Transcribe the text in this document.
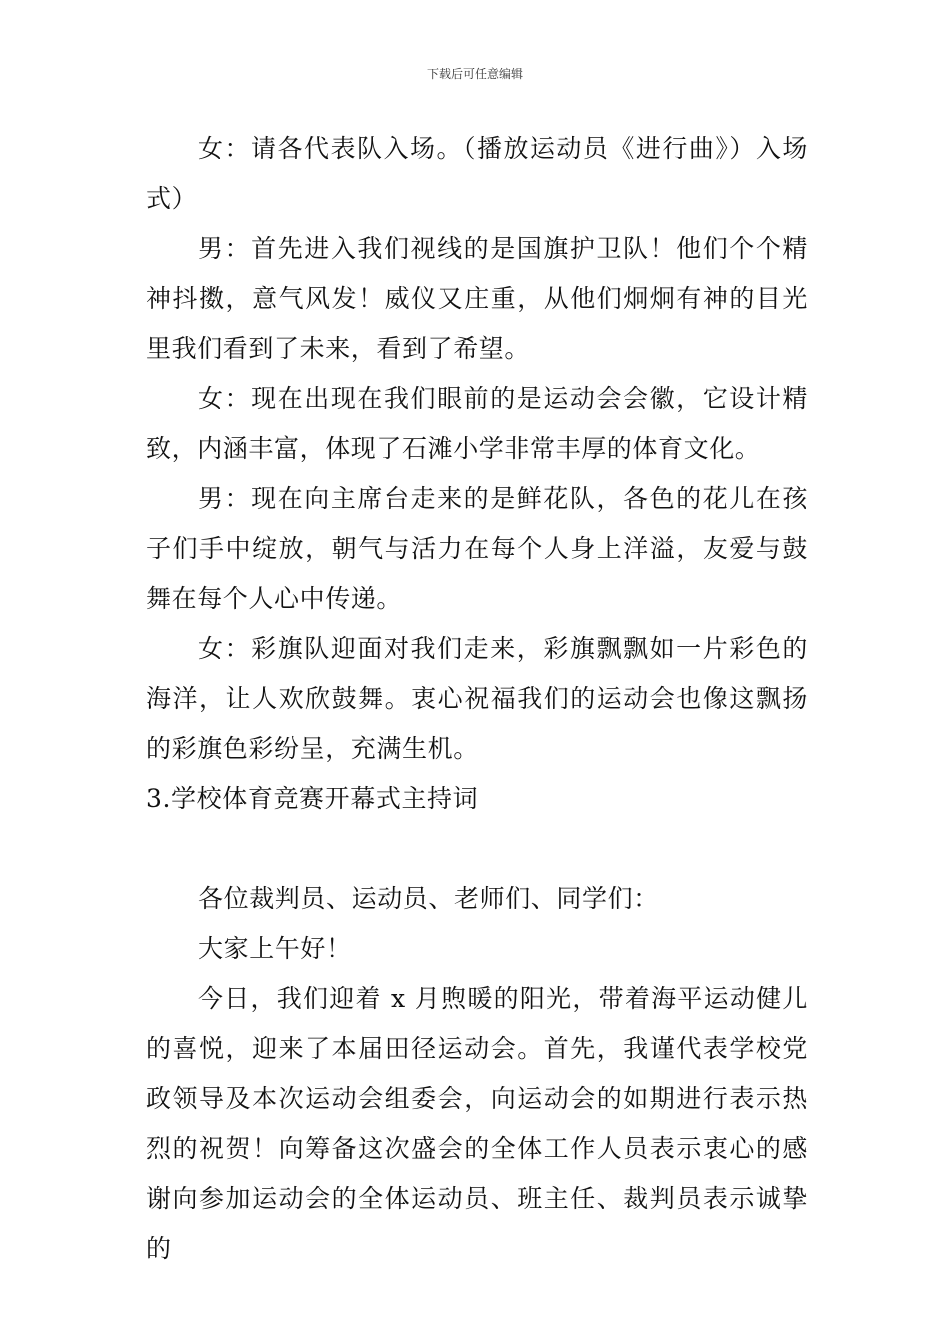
下载后可任意编辑

女：请各代表队入场。（播放运动员《进行曲》）入场式）

男：首先进入我们视线的是国旗护卫队！他们个个精神抖擞，意气风发！威仪又庄重，从他们炯炯有神的目光里我们看到了未来，看到了希望。

女：现在出现在我们眼前的是运动会会徽，它设计精致，内涵丰富，体现了石滩小学非常丰厚的体育文化。

男：现在向主席台走来的是鲜花队，各色的花儿在孩子们手中绽放，朝气与活力在每个人身上洋溢，友爱与鼓舞在每个人心中传递。

女：彩旗队迎面对我们走来，彩旗飘飘如一片彩色的海洋，让人欢欣鼓舞。衷心祝福我们的运动会也像这飘扬的彩旗色彩纷呈，充满生机。

3.学校体育竞赛开幕式主持词

各位裁判员、运动员、老师们、同学们：

大家上午好！

今日，我们迎着 x 月煦暖的阳光，带着海平运动健儿的喜悦，迎来了本届田径运动会。首先，我谨代表学校党政领导及本次运动会组委会，向运动会的如期进行表示热烈的祝贺！向筹备这次盛会的全体工作人员表示衷心的感谢向参加运动会的全体运动员、班主任、裁判员表示诚挚的
